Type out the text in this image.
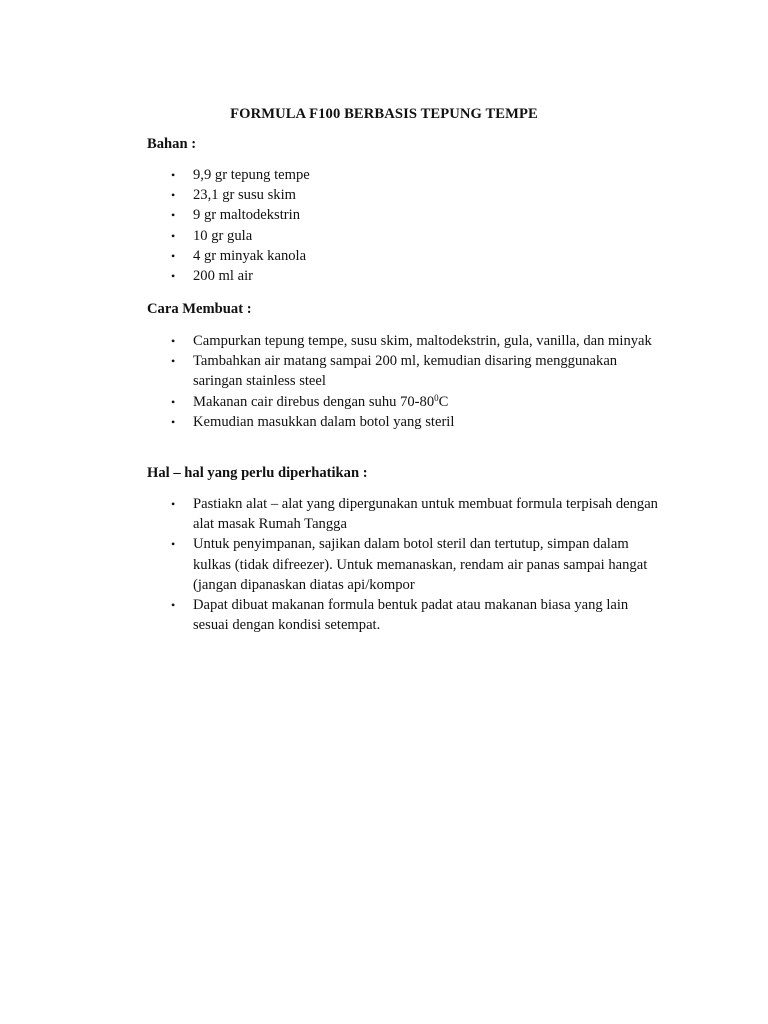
FORMULA F100 BERBASIS TEPUNG TEMPE
Bahan :
• 9,9 gr tepung tempe
• 23,1 gr susu skim
• 9 gr maltodekstrin
• 10 gr gula
• 4 gr minyak kanola
• 200 ml air
Cara Membuat :
• Campurkan tepung tempe, susu skim, maltodekstrin, gula, vanilla, dan minyak
• Tambahkan air matang sampai 200 ml, kemudian disaring menggunakan saringan stainless steel
• Makanan cair direbus dengan suhu $70-80^0C$
• Kemudian masukkan dalam botol yang steril
Hal – hal yang perlu diperhatikan :
• Pastiakn alat – alat yang dipergunakan untuk membuat formula terpisah dengan alat masak Rumah Tangga
• Untuk penyimpanan, sajikan dalam botol steril dan tertutup, simpan dalam kulkas (tidak difreezer). Untuk memanaskan, rendam air panas sampai hangat (jangan dipanaskan diatas api/kompor
• Dapat dibuat makanan formula bentuk padat atau makanan biasa yang lain sesuai dengan kondisi setempat.
